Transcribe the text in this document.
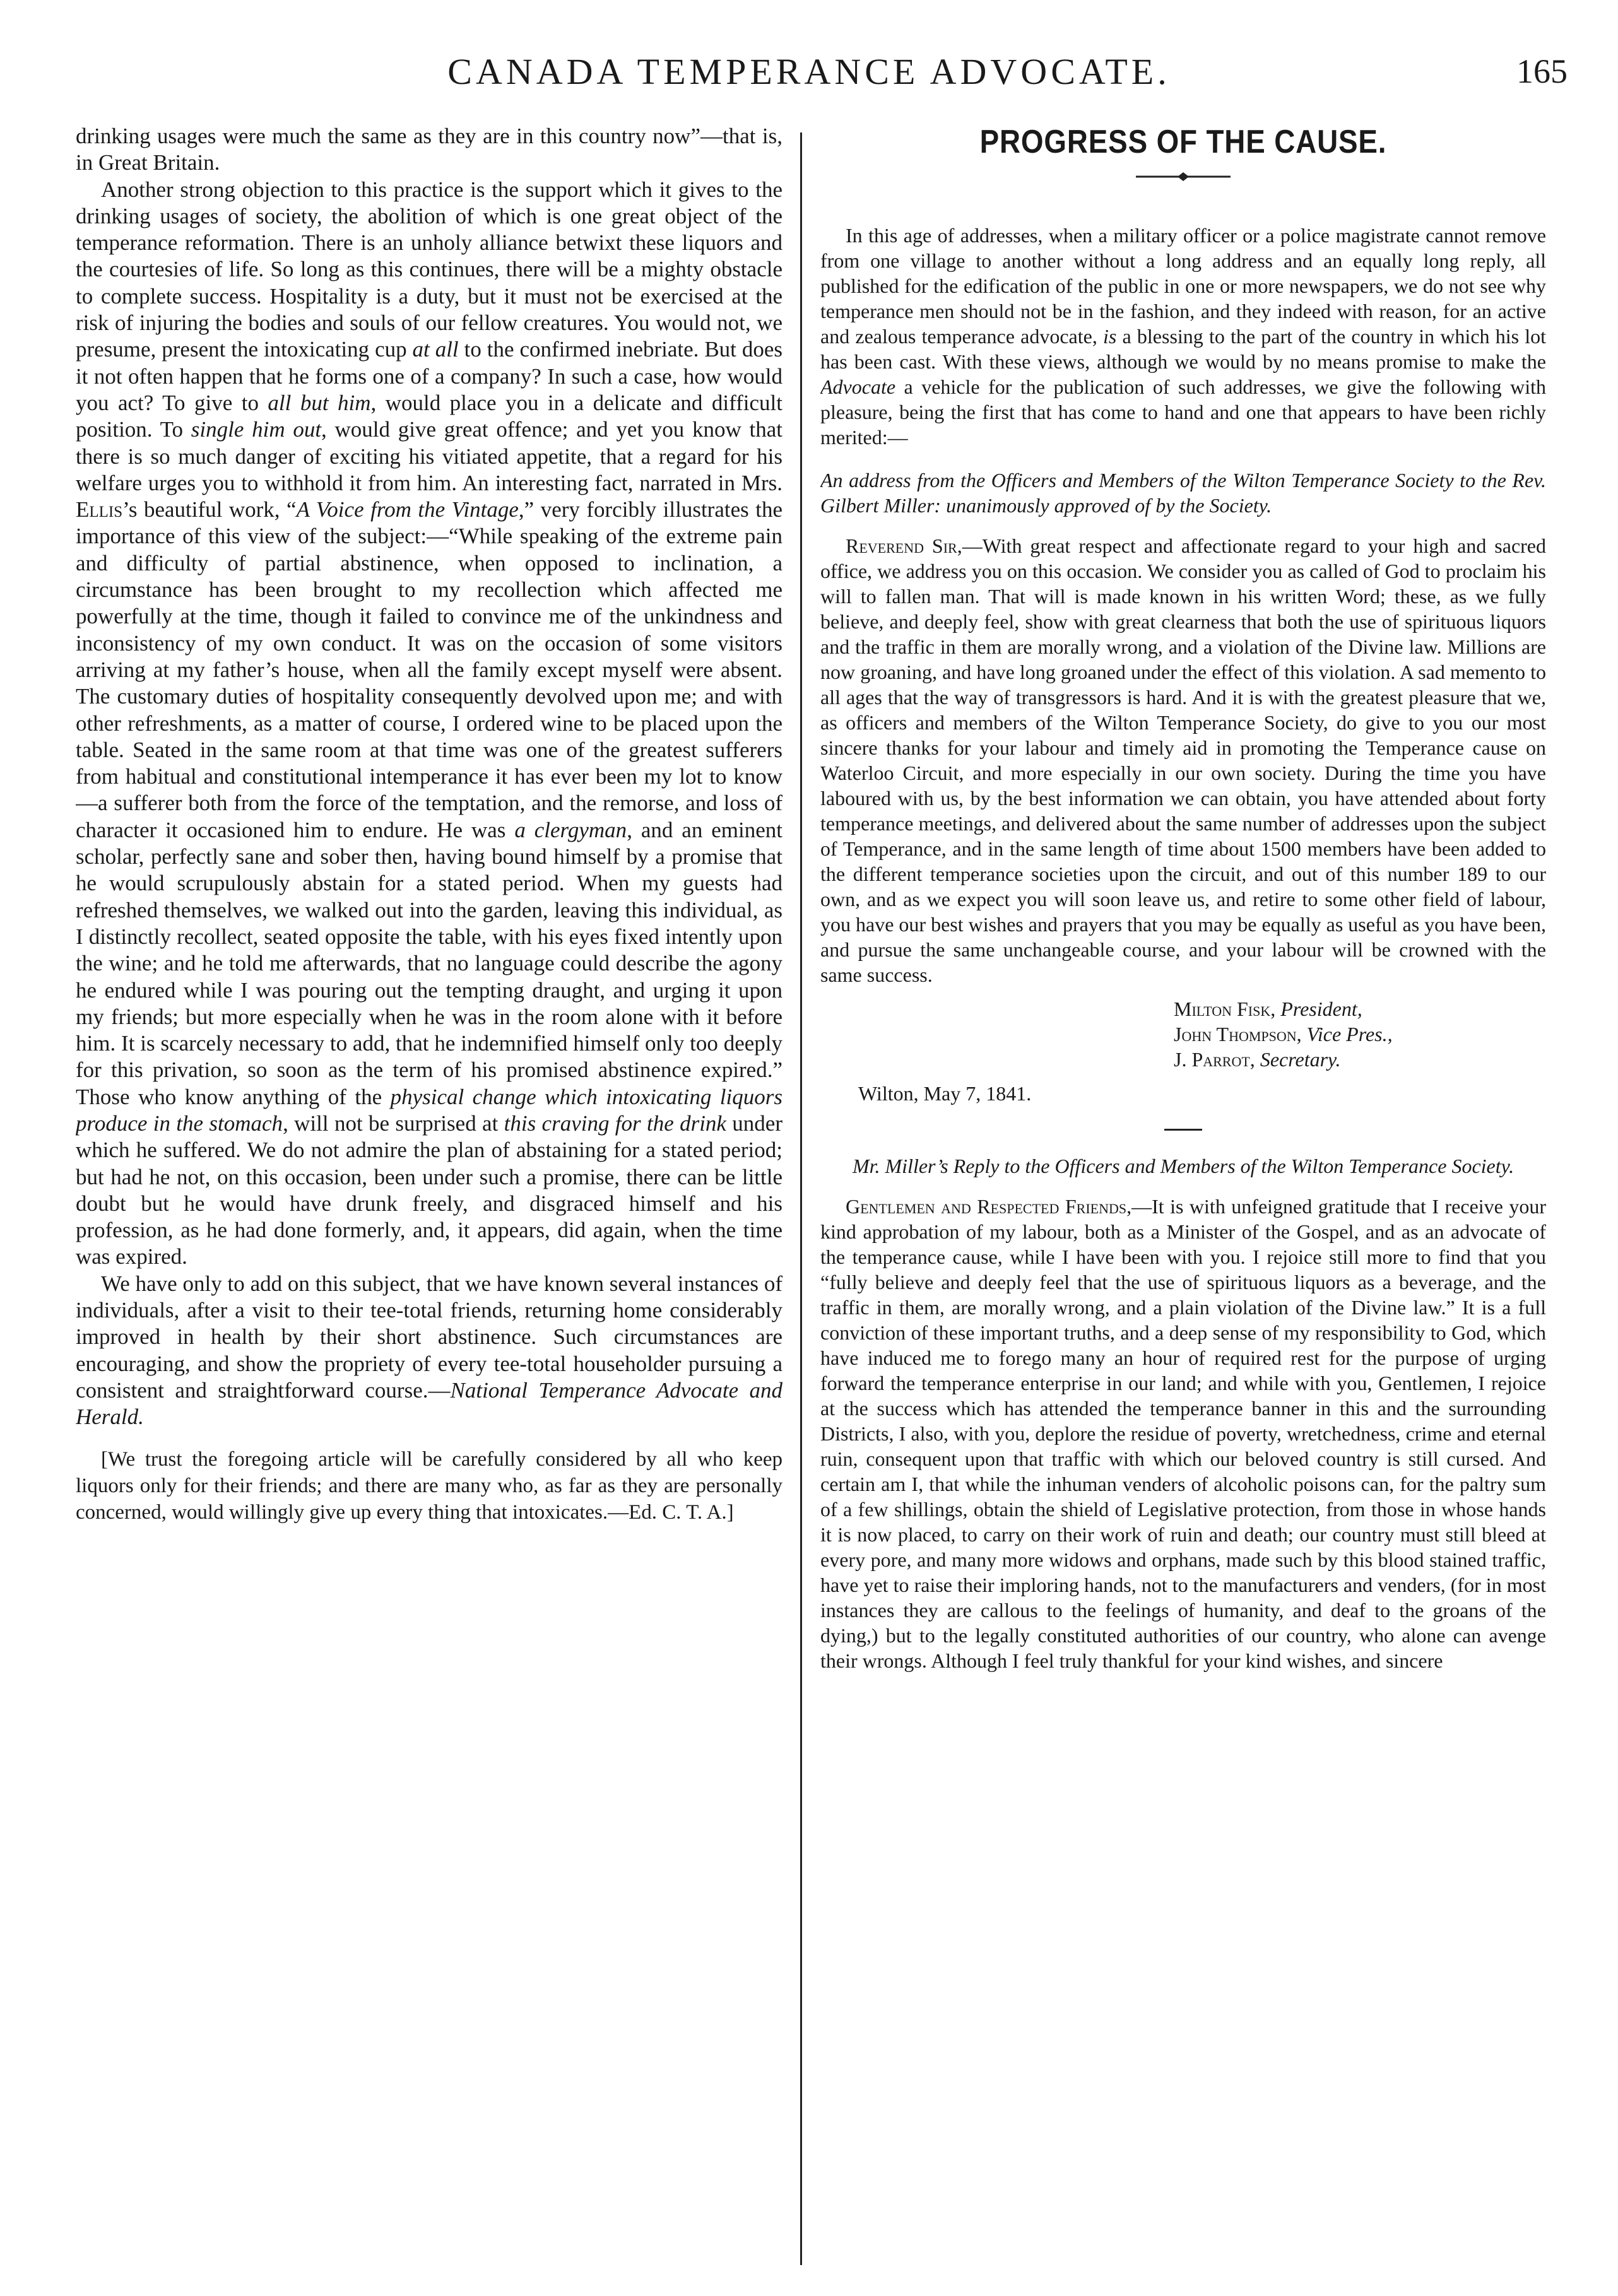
CANADA TEMPERANCE ADVOCATE.	165

drinking usages were much the same as they are in this country now”—that is, in Great Britain.

Another strong objection to this practice is the support which it gives to the drinking usages of society, the abolition of which is one great object of the temperance reformation. There is an unholy alliance betwixt these liquors and the courtesies of life. So long as this continues, there will be a mighty obstacle to complete success. Hospitality is a duty, but it must not be exercised at the risk of injuring the bodies and souls of our fellow creatures. You would not, we presume, present the intoxicating cup at all to the confirmed inebriate. But does it not often happen that he forms one of a company? In such a case, how would you act? To give to all but him, would place you in a delicate and difficult position. To single him out, would give great offence; and yet you know that there is so much danger of exciting his vitiated appetite, that a regard for his welfare urges you to withhold it from him. An interesting fact, narrated in Mrs. Ellis’s beautiful work, “A Voice from the Vintage,” very forcibly illustrates the importance of this view of the subject:—“While speaking of the extreme pain and difficulty of partial abstinence, when opposed to inclination, a circumstance has been brought to my recollection which affected me powerfully at the time, though it failed to convince me of the unkindness and inconsistency of my own conduct. It was on the occasion of some visitors arriving at my father’s house, when all the family except myself were absent. The customary duties of hospitality consequently devolved upon me; and with other refreshments, as a matter of course, I ordered wine to be placed upon the table. Seated in the same room at that time was one of the greatest sufferers from habitual and constitutional intemperance it has ever been my lot to know—a sufferer both from the force of the temptation, and the remorse, and loss of character it occasioned him to endure. He was a clergyman, and an eminent scholar, perfectly sane and sober then, having bound himself by a promise that he would scrupulously abstain for a stated period. When my guests had refreshed themselves, we walked out into the garden, leaving this individual, as I distinctly recollect, seated opposite the table, with his eyes fixed intently upon the wine; and he told me afterwards, that no language could describe the agony he endured while I was pouring out the tempting draught, and urging it upon my friends; but more especially when he was in the room alone with it before him. It is scarcely necessary to add, that he indemnified himself only too deeply for this privation, so soon as the term of his promised abstinence expired.” Those who know anything of the physical change which intoxicating liquors produce in the stomach, will not be surprised at this craving for the drink under which he suffered. We do not admire the plan of abstaining for a stated period; but had he not, on this occasion, been under such a promise, there can be little doubt but he would have drunk freely, and disgraced himself and his profession, as he had done formerly, and, it appears, did again, when the time was expired.

We have only to add on this subject, that we have known several instances of individuals, after a visit to their tee-total friends, returning home considerably improved in health by their short abstinence. Such circumstances are encouraging, and show the propriety of every tee-total householder pursuing a consistent and straightforward course.—National Temperance Advocate and Herald.

[We trust the foregoing article will be carefully considered by all who keep liquors only for their friends; and there are many who, as far as they are personally concerned, would willingly give up every thing that intoxicates.—Ed. C. T. A.]

PROGRESS OF THE CAUSE.

In this age of addresses, when a military officer or a police magistrate cannot remove from one village to another without a long address and an equally long reply, all published for the edification of the public in one or more newspapers, we do not see why temperance men should not be in the fashion, and they indeed with reason, for an active and zealous temperance advocate, is a blessing to the part of the country in which his lot has been cast. With these views, although we would by no means promise to make the Advocate a vehicle for the publication of such addresses, we give the following with pleasure, being the first that has come to hand and one that appears to have been richly merited:—

An address from the Officers and Members of the Wilton Temperance Society to the Rev. Gilbert Miller: unanimously approved of by the Society.

Reverend Sir,—With great respect and affectionate regard to your high and sacred office, we address you on this occasion. We consider you as called of God to proclaim his will to fallen man. That will is made known in his written Word; these, as we fully believe, and deeply feel, show with great clearness that both the use of spirituous liquors and the traffic in them are morally wrong, and a violation of the Divine law. Millions are now groaning, and have long groaned under the effect of this violation. A sad memento to all ages that the way of transgressors is hard. And it is with the greatest pleasure that we, as officers and members of the Wilton Temperance Society, do give to you our most sincere thanks for your labour and timely aid in promoting the Temperance cause on Waterloo Circuit, and more especially in our own society. During the time you have laboured with us, by the best information we can obtain, you have attended about forty temperance meetings, and delivered about the same number of addresses upon the subject of Temperance, and in the same length of time about 1500 members have been added to the different temperance societies upon the circuit, and out of this number 189 to our own, and as we expect you will soon leave us, and retire to some other field of labour, you have our best wishes and prayers that you may be equally as useful as you have been, and pursue the same unchangeable course, and your labour will be crowned with the same success.

Milton Fisk, President,
John Thompson, Vice Pres.,
J. Parrot, Secretary.

Wilton, May 7, 1841.

Mr. Miller’s Reply to the Officers and Members of the Wilton Temperance Society.

Gentlemen and Respected Friends,—It is with unfeigned gratitude that I receive your kind approbation of my labour, both as a Minister of the Gospel, and as an advocate of the temperance cause, while I have been with you. I rejoice still more to find that you “fully believe and deeply feel that the use of spirituous liquors as a beverage, and the traffic in them, are morally wrong, and a plain violation of the Divine law.” It is a full conviction of these important truths, and a deep sense of my responsibility to God, which have induced me to forego many an hour of required rest for the purpose of urging forward the temperance enterprise in our land; and while with you, Gentlemen, I rejoice at the success which has attended the temperance banner in this and the surrounding Districts, I also, with you, deplore the residue of poverty, wretchedness, crime and eternal ruin, consequent upon that traffic with which our beloved country is still cursed. And certain am I, that while the inhuman venders of alcoholic poisons can, for the paltry sum of a few shillings, obtain the shield of Legislative protection, from those in whose hands it is now placed, to carry on their work of ruin and death; our country must still bleed at every pore, and many more widows and orphans, made such by this blood stained traffic, have yet to raise their imploring hands, not to the manufacturers and venders, (for in most instances they are callous to the feelings of humanity, and deaf to the groans of the dying,) but to the legally constituted authorities of our country, who alone can avenge their wrongs. Although I feel truly thankful for your kind wishes, and sincere
